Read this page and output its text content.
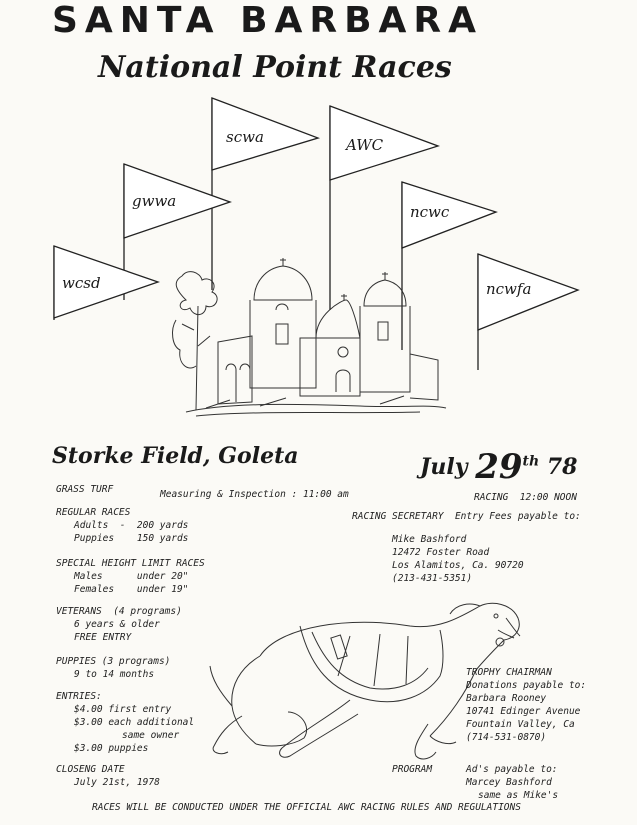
SANTA BARBARA
National Point Races
scwa	AWC
gwwa
ncwc
wcsd	ncwfa
Storke Field, Goleta	July 29th 78
GRASS TURF
REGULAR RACES
Adults  -  200 yards
Puppies    150 yards
SPECIAL HEIGHT LIMIT RACES
Males      under 20"
Females    under 19"
VETERANS  (4 programs)
6 years & older
FREE ENTRY
PUPPIES (3 programs)
9 to 14 months
ENTRIES:
$4.00 first entry
$3.00 each additional
same owner
$3.00 puppies
CLOSENG DATE
July 21st, 1978
Measuring & Inspection : 11:00 am	RACING  12:00 NOON
RACING SECRETARY  Entry Fees payable to:
Mike Bashford
12472 Foster Road
Los Alamitos, Ca. 90720
(213-431-5351)
PROGRAM
TROPHY CHAIRMAN
Donations payable to:
Barbara Rooney
10741 Edinger Avenue
Fountain Valley, Ca
(714-531-0870)
Ad's payable to:
Marcey Bashford
same as Mike's
RACES WILL BE CONDUCTED UNDER THE OFFICIAL AWC RACING RULES AND REGULATIONS
